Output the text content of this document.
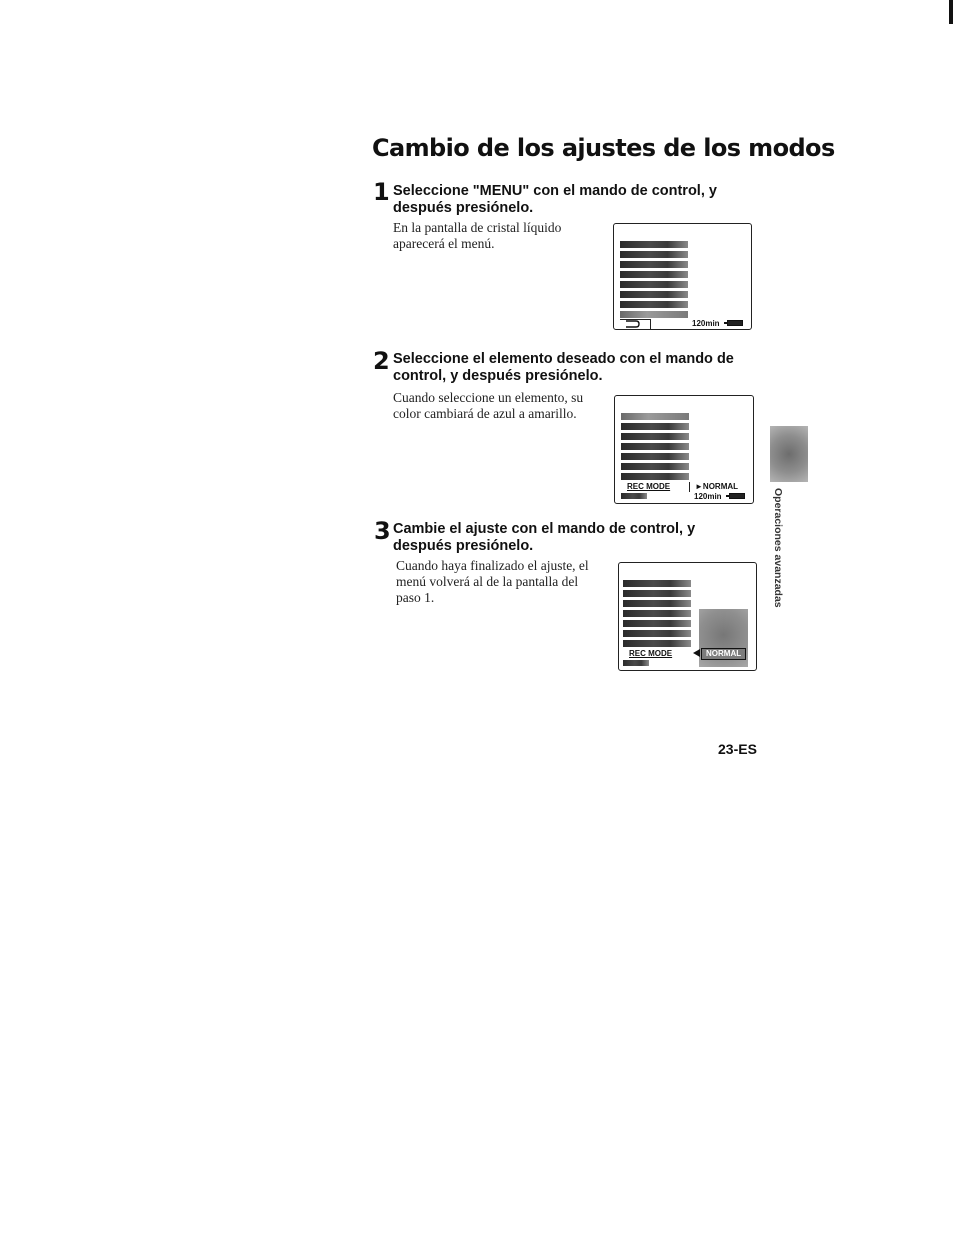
Cambio de los ajustes de los modos
1 Seleccione "MENU" con el mando de control, y
después presiónelo.
En la pantalla de cristal líquido
aparecerá el menú.
120min
2 Seleccione el elemento deseado con el mando de
control, y después presiónelo.
Cuando seleccione un elemento, su
color cambiará de azul a amarillo.
REC MODE	►NORMAL
120min
3 Cambie el ajuste con el mando de control, y
después presiónelo.
Cuando haya finalizado el ajuste, el
menú volverá al de la pantalla del
paso 1.
REC MODE	NORMAL
Operaciones avanzadas
23-ES
